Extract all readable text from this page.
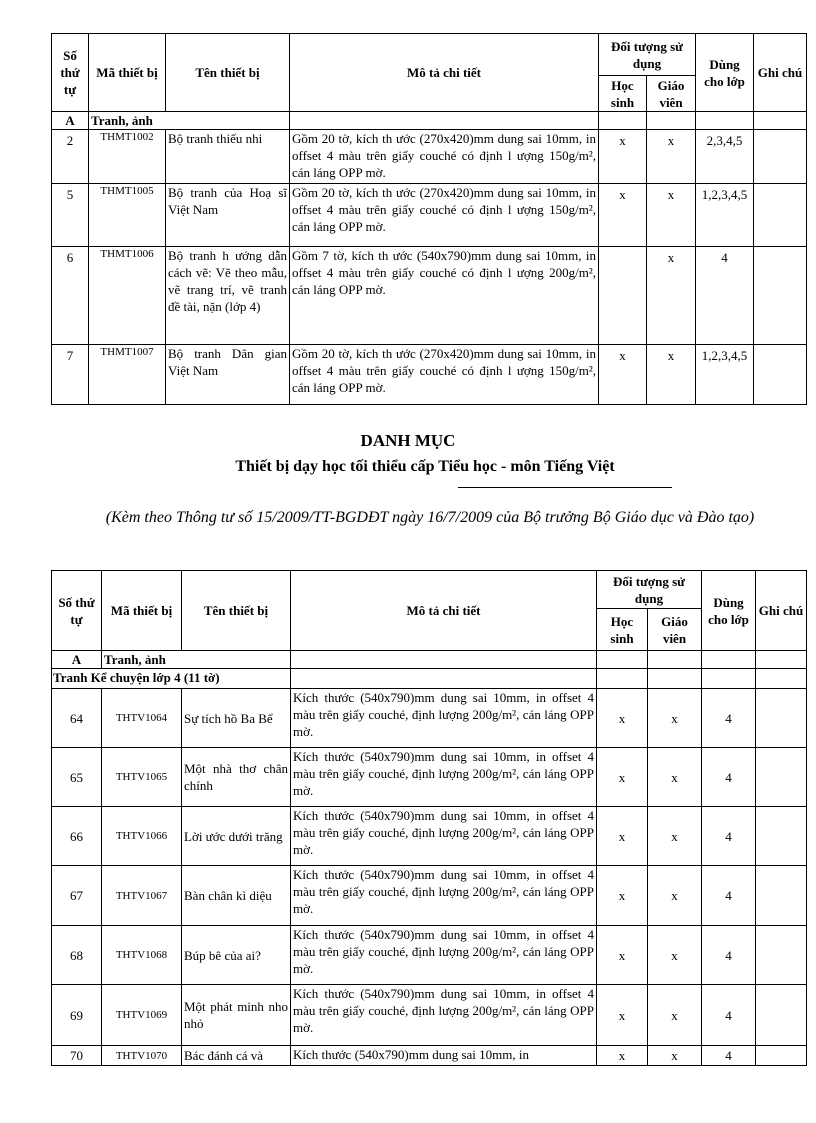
Số thứ tự	Mã thiết bị	Tên thiết bị	Mô tả chi tiết	Đối tượng sử dụng		Dùng cho lớp	Ghi chú
				Học sinh	Giáo viên		
A	Tranh, ảnh						
2	THMT1002	Bộ tranh thiếu nhi	Gồm 20 tờ, kích th ước (270x420)mm dung sai 10mm, in offset 4 màu trên giấy couché có định l ượng 150g/m², cán láng OPP mờ.	x	x	2,3,4,5	
5	THMT1005	Bộ tranh của Hoạ sĩ Việt Nam	Gồm 20 tờ, kích th ước (270x420)mm dung sai 10mm, in offset 4 màu trên giấy couché có định l ượng 150g/m², cán láng OPP mờ.	x	x	1,2,3,4,5	
6	THMT1006	Bộ tranh h ướng dẫn cách vẽ: Vẽ theo mẫu, vẽ trang trí, vẽ tranh đề tài, nặn (lớp 4)	Gồm 7 tờ, kích th ước (540x790)mm dung sai 10mm, in offset 4 màu trên giấy couché có định l ượng 200g/m², cán láng OPP mờ.		x	4	
7	THMT1007	Bộ tranh Dân gian Việt Nam	Gồm 20 tờ, kích th ước (270x420)mm dung sai 10mm, in offset 4 màu trên giấy couché có định l ượng 150g/m², cán láng OPP mờ.	x	x	1,2,3,4,5	
DANH MỤC
Thiết bị dạy học tối thiểu cấp Tiểu học - môn Tiếng Việt
(Kèm theo Thông tư số 15/2009/TT-BGDĐT ngày 16/7/2009 của Bộ trưởng Bộ Giáo dục và Đào tạo)
Số thứ tự	Mã thiết bị	Tên thiết bị	Mô tả chi tiết	Đối tượng sử dụng		Dùng cho lớp	Ghi chú
				Học sinh	Giáo viên		
A	Tranh, ảnh						
Tranh Kể chuyện lớp 4 (11 tờ)							
64	THTV1064	Sự tích hồ Ba Bể	Kích thước (540x790)mm dung sai 10mm, in offset 4 màu trên giấy couché, định lượng 200g/m², cán láng OPP mờ.	x	x	4	
65	THTV1065	Một nhà thơ chân chính	Kích thước (540x790)mm dung sai 10mm, in offset 4 màu trên giấy couché, định lượng 200g/m², cán láng OPP mờ.	x	x	4	
66	THTV1066	Lời ước dưới trăng	Kích thước (540x790)mm dung sai 10mm, in offset 4 màu trên giấy couché, định lượng 200g/m², cán láng OPP mờ.	x	x	4	
67	THTV1067	Bàn chân kì diệu	Kích thước (540x790)mm dung sai 10mm, in offset 4 màu trên giấy couché, định lượng 200g/m², cán láng OPP mờ.	x	x	4	
68	THTV1068	Búp bê của ai?	Kích thước (540x790)mm dung sai 10mm, in offset 4 màu trên giấy couché, định lượng 200g/m², cán láng OPP mờ.	x	x	4	
69	THTV1069	Một phát minh nho nhỏ	Kích thước (540x790)mm dung sai 10mm, in offset 4 màu trên giấy couché, định lượng 200g/m², cán láng OPP mờ.	x	x	4	
70	THTV1070	Bác đánh cá và	Kích thước (540x790)mm dung sai 10mm, in	x	x	4	
